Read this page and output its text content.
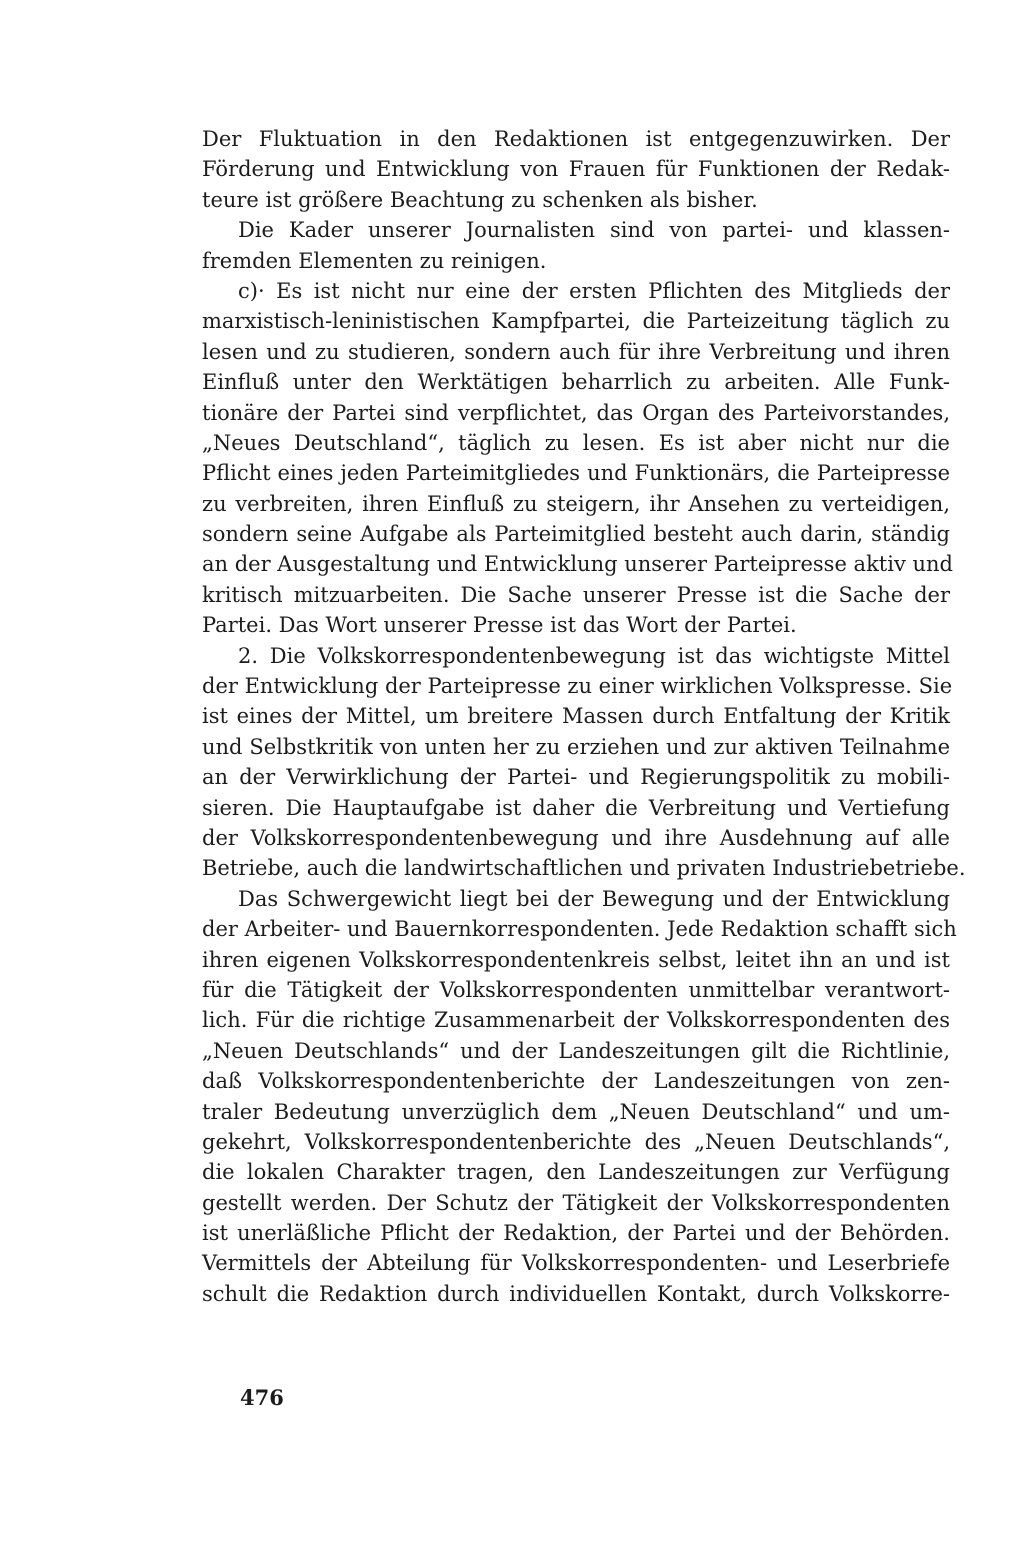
Der Fluktuation in den Redaktionen ist entgegenzuwirken. Der
Förderung und Entwicklung von Frauen für Funktionen der Redak-
teure ist größere Beachtung zu schenken als bisher.
Die Kader unserer Journalisten sind von partei- und klassen-
fremden Elementen zu reinigen.
c)· Es ist nicht nur eine der ersten Pflichten des Mitglieds der
marxistisch-leninistischen Kampfpartei, die Parteizeitung täglich zu
lesen und zu studieren, sondern auch für ihre Verbreitung und ihren
Einfluß unter den Werktätigen beharrlich zu arbeiten. Alle Funk-
tionäre der Partei sind verpflichtet, das Organ des Parteivorstandes,
„Neues Deutschland“, täglich zu lesen. Es ist aber nicht nur die
Pflicht eines jeden Parteimitgliedes und Funktionärs, die Parteipresse
zu verbreiten, ihren Einfluß zu steigern, ihr Ansehen zu verteidigen,
sondern seine Aufgabe als Parteimitglied besteht auch darin, ständig
an der Ausgestaltung und Entwicklung unserer Parteipresse aktiv und
kritisch mitzuarbeiten. Die Sache unserer Presse ist die Sache der
Partei. Das Wort unserer Presse ist das Wort der Partei.
2. Die Volkskorrespondentenbewegung ist das wichtigste Mittel
der Entwicklung der Parteipresse zu einer wirklichen Volkspresse. Sie
ist eines der Mittel, um breitere Massen durch Entfaltung der Kritik
und Selbstkritik von unten her zu erziehen und zur aktiven Teilnahme
an der Verwirklichung der Partei- und Regierungspolitik zu mobili-
sieren. Die Hauptaufgabe ist daher die Verbreitung und Vertiefung
der Volkskorrespondentenbewegung und ihre Ausdehnung auf alle
Betriebe, auch die landwirtschaftlichen und privaten Industriebetriebe.
Das Schwergewicht liegt bei der Bewegung und der Entwicklung
der Arbeiter- und Bauernkorrespondenten. Jede Redaktion schafft sich
ihren eigenen Volkskorrespondentenkreis selbst, leitet ihn an und ist
für die Tätigkeit der Volkskorrespondenten unmittelbar verantwort-
lich. Für die richtige Zusammenarbeit der Volkskorrespondenten des
„Neuen Deutschlands“ und der Landeszeitungen gilt die Richtlinie,
daß Volkskorrespondentenberichte der Landeszeitungen von zen-
traler Bedeutung unverzüglich dem „Neuen Deutschland“ und um-
gekehrt, Volkskorrespondentenberichte des „Neuen Deutschlands“,
die lokalen Charakter tragen, den Landeszeitungen zur Verfügung
gestellt werden. Der Schutz der Tätigkeit der Volkskorrespondenten
ist unerläßliche Pflicht der Redaktion, der Partei und der Behörden.
Vermittels der Abteilung für Volkskorrespondenten- und Leserbriefe
schult die Redaktion durch individuellen Kontakt, durch Volkskorre-
476
